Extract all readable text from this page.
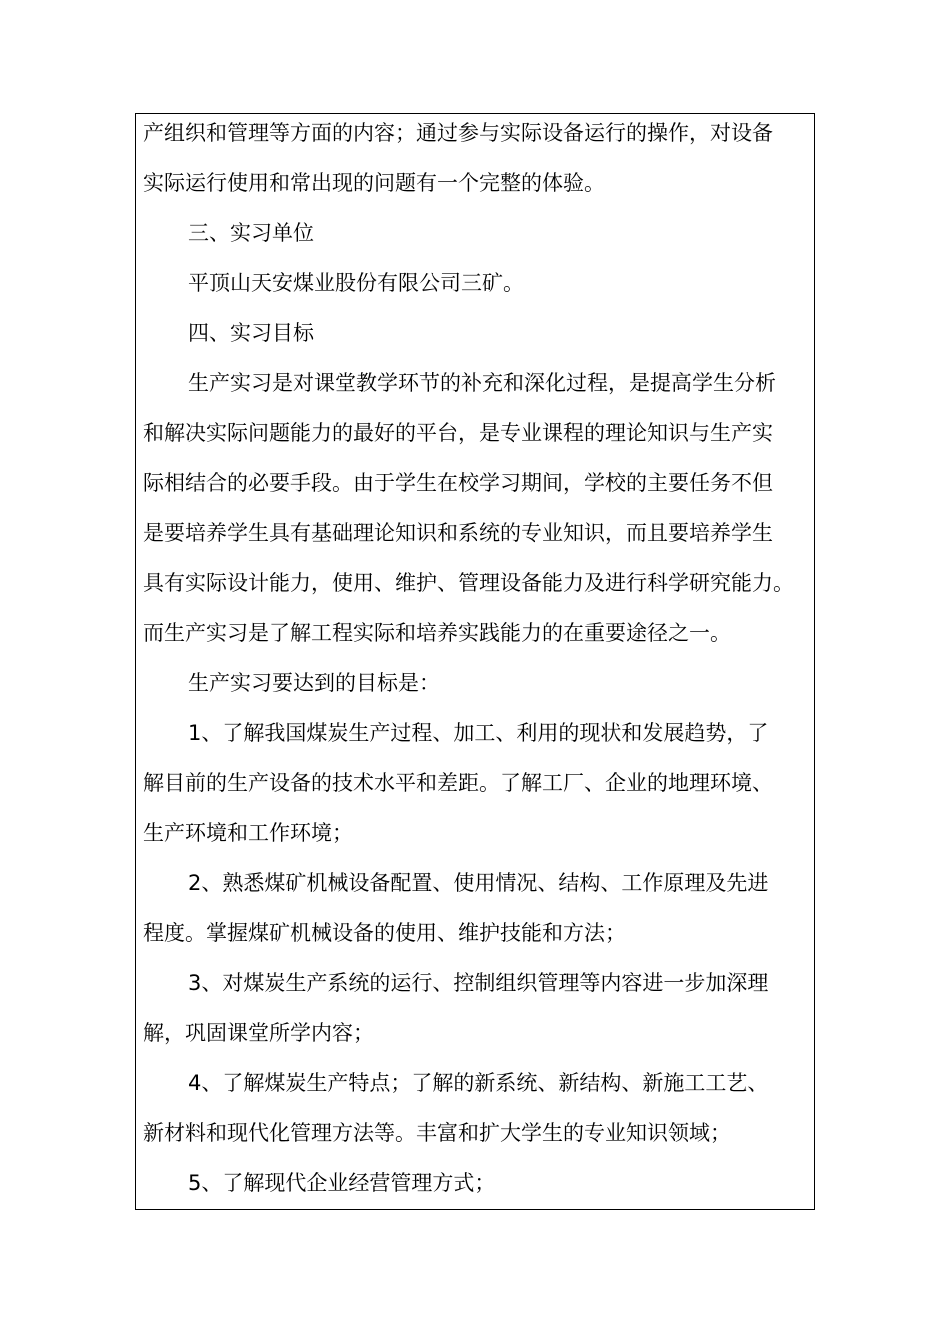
产组织和管理等方面的内容；通过参与实际设备运行的操作，对设备
实际运行使用和常出现的问题有一个完整的体验。
三、实习单位
平顶山天安煤业股份有限公司三矿。
四、实习目标
生产实习是对课堂教学环节的补充和深化过程，是提高学生分析
和解决实际问题能力的最好的平台，是专业课程的理论知识与生产实
际相结合的必要手段。由于学生在校学习期间，学校的主要任务不但
是要培养学生具有基础理论知识和系统的专业知识，而且要培养学生
具有实际设计能力，使用、维护、管理设备能力及进行科学研究能力。
而生产实习是了解工程实际和培养实践能力的在重要途径之一。
生产实习要达到的目标是：
1、了解我国煤炭生产过程、加工、利用的现状和发展趋势，了
解目前的生产设备的技术水平和差距。了解工厂、企业的地理环境、
生产环境和工作环境；
2、熟悉煤矿机械设备配置、使用情况、结构、工作原理及先进
程度。掌握煤矿机械设备的使用、维护技能和方法；
3、对煤炭生产系统的运行、控制组织管理等内容进一步加深理
解，巩固课堂所学内容；
4、了解煤炭生产特点；了解的新系统、新结构、新施工工艺、
新材料和现代化管理方法等。丰富和扩大学生的专业知识领域；
5、了解现代企业经营管理方式；
